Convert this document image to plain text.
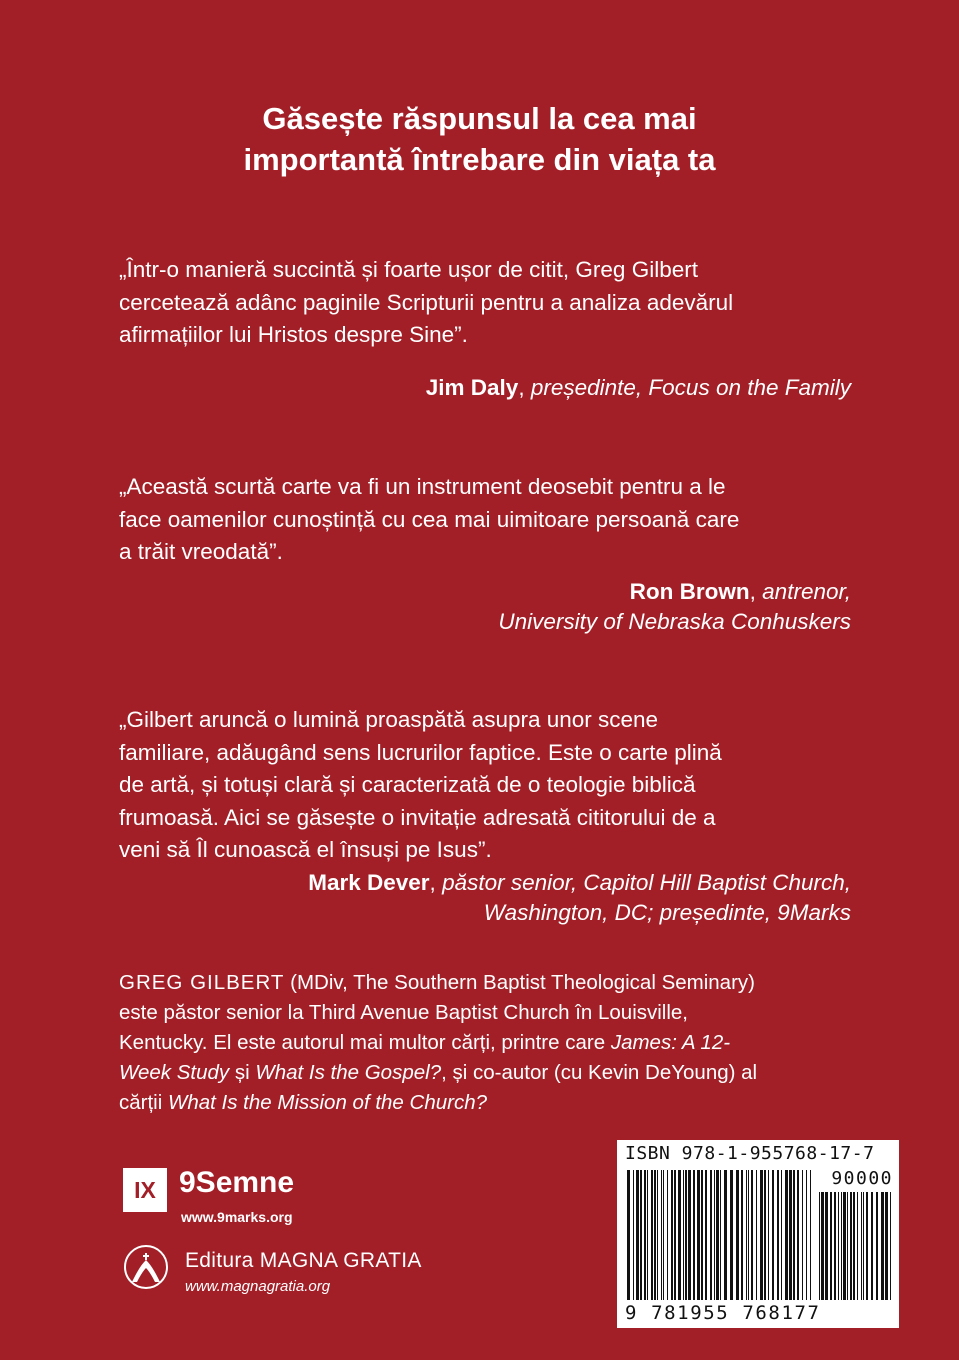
Găsește răspunsul la cea mai
importantă întrebare din viața ta

„Într-o manieră succintă și foarte ușor de citit, Greg Gilbert
cercetează adânc paginile Scripturii pentru a analiza adevărul
afirmațiilor lui Hristos despre Sine”.

Jim Daly, președinte, Focus on the Family

„Această scurtă carte va fi un instrument deosebit pentru a le
face oamenilor cunoștință cu cea mai uimitoare persoană care
a trăit vreodată”.

Ron Brown, antrenor,
University of Nebraska Conhuskers

„Gilbert aruncă o lumină proaspătă asupra unor scene
familiare, adăugând sens lucrurilor faptice. Este o carte plină
de artă, și totuși clară și caracterizată de o teologie biblică
frumoasă. Aici se găsește o invitație adresată cititorului de a
veni să Îl cunoască el însuși pe Isus”.

Mark Dever, păstor senior, Capitol Hill Baptist Church,
Washington, DC; președinte, 9Marks

GREG GILBERT (MDiv, The Southern Baptist Theological Seminary)
este păstor senior la Third Avenue Baptist Church în Louisville,
Kentucky. El este autorul mai multor cărți, printre care James: A 12-
Week Study și What Is the Gospel?, și co-autor (cu Kevin DeYoung) al
cărții What Is the Mission of the Church?

IX 9Semne
www.9marks.org
Editura MAGNA GRATIA
www.magnagratia.org
ISBN 978-1-955768-17-7
90000
9 781955 768177
